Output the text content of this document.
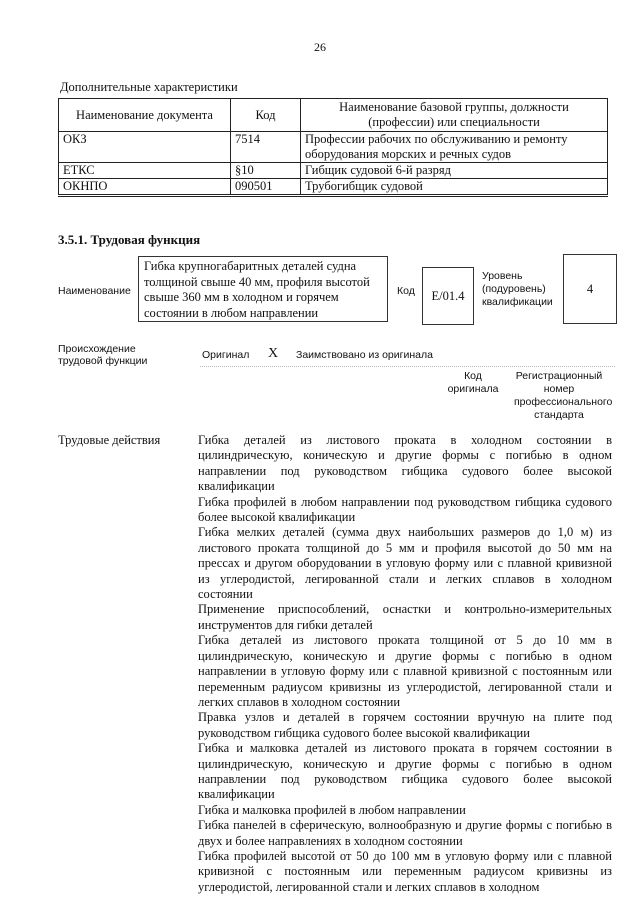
26
Дополнительные характеристики
Наименование документа	Код	Наименование базовой группы, должности (профессии) или специальности
ОКЗ	7514	Профессии рабочих по обслуживанию и ремонту оборудования морских и речных судов
ЕТКС	§10	Гибщик судовой 6-й разряд
ОКНПО	090501	Трубогибщик судовой
3.5.1. Трудовая функция
Наименование
Гибка крупногабаритных деталей судна толщиной свыше 40 мм, профиля высотой свыше 360 мм в холодном и горячем состоянии в любом направлении
Код	E/01.4
Уровень (подуровень) квалификации
4
Происхождение трудовой функции	Оригинал X Заимствовано из оригинала
Код оригинала
Регистрационный номер профессионального стандарта
Трудовые действия	Гибка деталей из листового проката в холодном состоянии в цилиндрическую, коническую и другие формы с погибью в одном направлении под руководством гибщика судового более высокой квалификации

Гибка профилей в любом направлении под руководством гибщика судового более высокой квалификации

Гибка мелких деталей (сумма двух наибольших размеров до 1,0 м) из листового проката толщиной до 5 мм и профиля высотой до 50 мм на прессах и другом оборудовании в угловую форму или с плавной кривизной из углеродистой, легированной стали и легких сплавов в холодном состоянии

Применение приспособлений, оснастки и контрольно-измерительных инструментов для гибки деталей

Гибка деталей из листового проката толщиной от 5 до 10 мм в цилиндрическую, коническую и другие формы с погибью в одном направлении в угловую форму или с плавной кривизной с постоянным или переменным радиусом кривизны из углеродистой, легированной стали и легких сплавов в холодном состоянии

Правка узлов и деталей в горячем состоянии вручную на плите под руководством гибщика судового более высокой квалификации

Гибка и малковка деталей из листового проката в горячем состоянии в цилиндрическую, коническую и другие формы с погибью в одном направлении под руководством гибщика судового более высокой квалификации

Гибка и малковка профилей в любом направлении

Гибка панелей в сферическую, волнообразную и другие формы с погибью в двух и более направлениях в холодном состоянии

Гибка профилей высотой от 50 до 100 мм в угловую форму или с плавной кривизной с постоянным или переменным радиусом кривизны из углеродистой, легированной стали и легких сплавов в холодном
